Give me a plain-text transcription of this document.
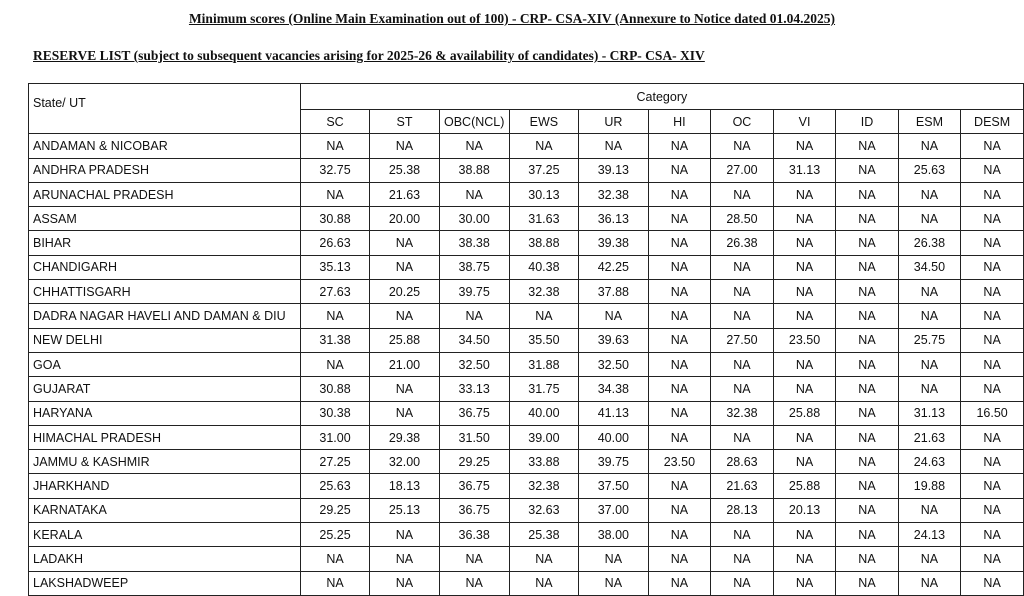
Minimum scores (Online Main Examination out of 100) - CRP- CSA-XIV (Annexure to Notice dated 01.04.2025)
RESERVE LIST (subject to subsequent vacancies arising for 2025-26 & availability of candidates) - CRP- CSA- XIV
State/ UT	Category										
	SC	ST	OBC(NCL)	EWS	UR	HI	OC	VI	ID	ESM	DESM
ANDAMAN & NICOBAR	NA	NA	NA	NA	NA	NA	NA	NA	NA	NA	NA
ANDHRA PRADESH	32.75	25.38	38.88	37.25	39.13	NA	27.00	31.13	NA	25.63	NA
ARUNACHAL PRADESH	NA	21.63	NA	30.13	32.38	NA	NA	NA	NA	NA	NA
ASSAM	30.88	20.00	30.00	31.63	36.13	NA	28.50	NA	NA	NA	NA
BIHAR	26.63	NA	38.38	38.88	39.38	NA	26.38	NA	NA	26.38	NA
CHANDIGARH	35.13	NA	38.75	40.38	42.25	NA	NA	NA	NA	34.50	NA
CHHATTISGARH	27.63	20.25	39.75	32.38	37.88	NA	NA	NA	NA	NA	NA
DADRA NAGAR HAVELI AND DAMAN & DIU	NA	NA	NA	NA	NA	NA	NA	NA	NA	NA	NA
NEW DELHI	31.38	25.88	34.50	35.50	39.63	NA	27.50	23.50	NA	25.75	NA
GOA	NA	21.00	32.50	31.88	32.50	NA	NA	NA	NA	NA	NA
GUJARAT	30.88	NA	33.13	31.75	34.38	NA	NA	NA	NA	NA	NA
HARYANA	30.38	NA	36.75	40.00	41.13	NA	32.38	25.88	NA	31.13	16.50
HIMACHAL PRADESH	31.00	29.38	31.50	39.00	40.00	NA	NA	NA	NA	21.63	NA
JAMMU & KASHMIR	27.25	32.00	29.25	33.88	39.75	23.50	28.63	NA	NA	24.63	NA
JHARKHAND	25.63	18.13	36.75	32.38	37.50	NA	21.63	25.88	NA	19.88	NA
KARNATAKA	29.25	25.13	36.75	32.63	37.00	NA	28.13	20.13	NA	NA	NA
KERALA	25.25	NA	36.38	25.38	38.00	NA	NA	NA	NA	24.13	NA
LADAKH	NA	NA	NA	NA	NA	NA	NA	NA	NA	NA	NA
LAKSHADWEEP	NA	NA	NA	NA	NA	NA	NA	NA	NA	NA	NA
